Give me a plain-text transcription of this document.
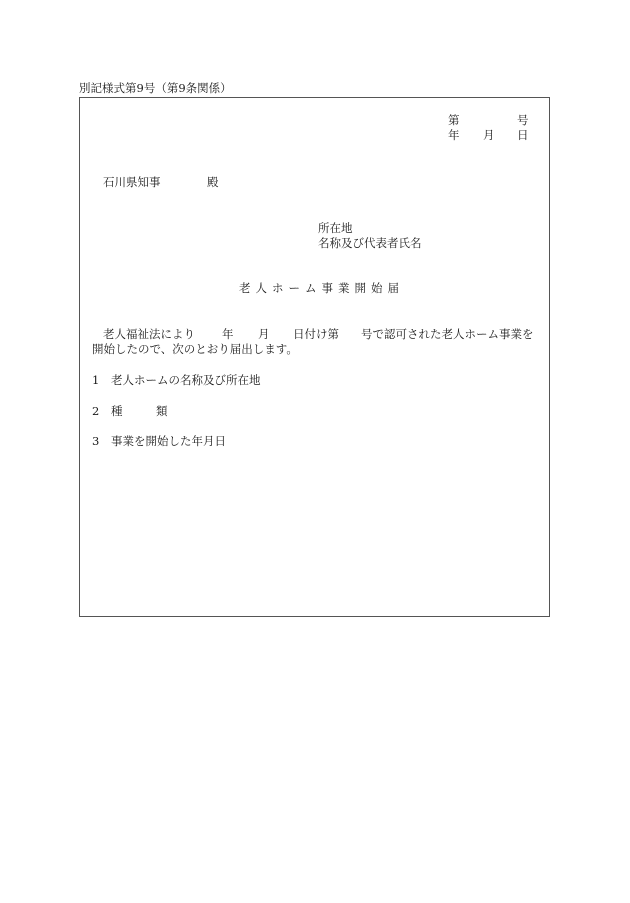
別記様式第9号（第9条関係）
第	号
年 月 日
石川県知事	殿
所在地
名称及び代表者氏名
老人ホーム事業開始届
老人福祉法により 年 月 日付け第 号で認可された老人ホーム事業を
開始したので、次のとおり届出します。
1 老人ホームの名称及び所在地
2 種	類
3 事業を開始した年月日
